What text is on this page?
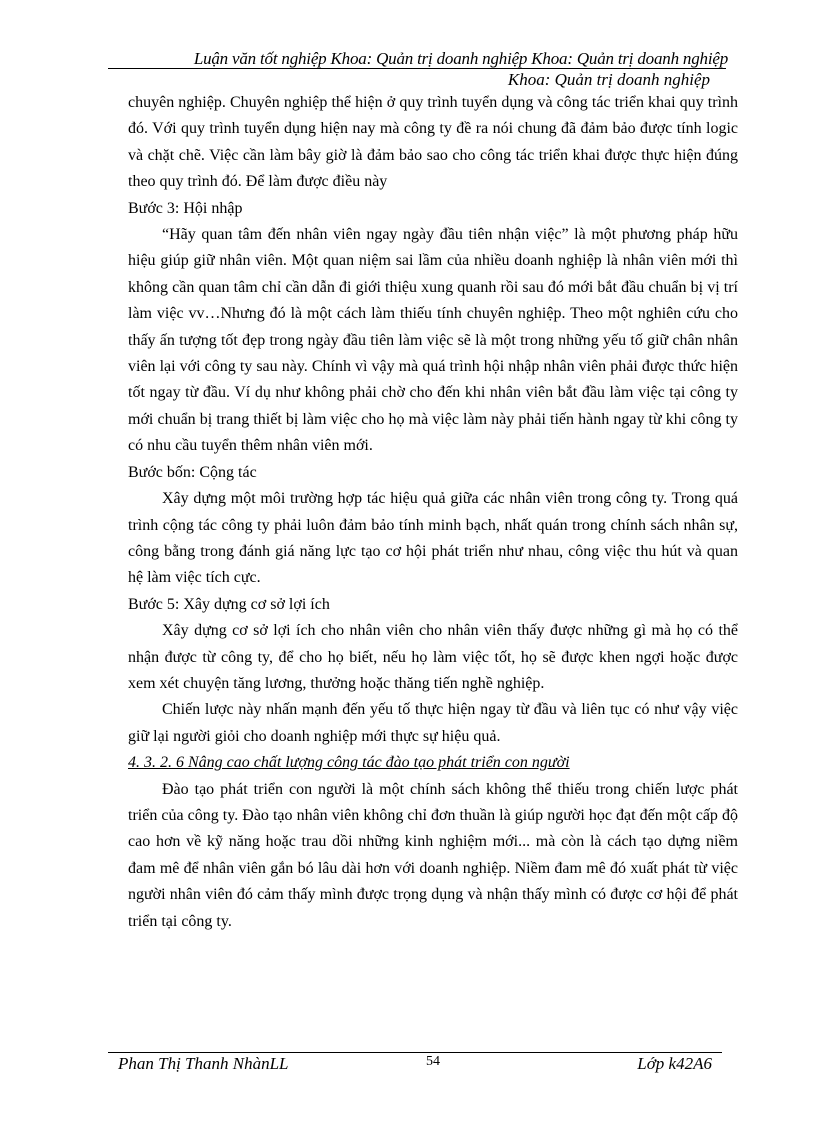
Luận văn tốt nghiệp Khoa: Quản trị doanh nghiệp Khoa: Quản trị doanh nghiệp
Khoa: Quản trị doanh nghiệp

chuyên nghiệp. Chuyên nghiệp thể hiện ở quy trình tuyển dụng và công tác triển khai quy trình đó. Với quy trình tuyển dụng hiện nay mà công ty đề ra nói chung đã đảm bảo được tính logic và chặt chẽ. Việc cần làm bây giờ là đảm bảo sao cho công tác triển khai được thực hiện đúng theo quy trình đó. Để làm được điều này

Bước 3: Hội nhập

“Hãy quan tâm đến nhân viên ngay ngày đầu tiên nhận việc” là một phương pháp hữu hiệu giúp giữ nhân viên. Một quan niệm sai lầm của nhiều doanh nghiệp là nhân viên mới thì không cần quan tâm chỉ cần dẫn đi giới thiệu xung quanh rồi sau đó mới bắt đầu chuẩn bị vị trí làm việc vv…Nhưng đó là một cách làm thiếu tính chuyên nghiệp. Theo một nghiên cứu cho thấy ấn tượng tốt đẹp trong ngày đầu tiên làm việc sẽ là một trong những yếu tố giữ chân nhân viên lại với công ty sau này. Chính vì vậy mà quá trình hội nhập nhân viên phải được thức hiện tốt ngay từ đầu. Ví dụ như không phải chờ cho đến khi nhân viên bắt đầu làm việc tại công ty mới chuẩn bị trang thiết bị làm việc cho họ mà việc làm này phải tiến hành ngay từ khi công ty có nhu cầu tuyển thêm nhân viên mới.

Bước bốn: Cộng tác

Xây dựng một môi trường hợp tác hiệu quả giữa các nhân viên trong công ty. Trong quá trình cộng tác công ty phải luôn đảm bảo tính minh bạch, nhất quán trong chính sách nhân sự, công bằng trong đánh giá năng lực tạo cơ hội phát triển như nhau, công việc thu hút và quan hệ làm việc tích cực.

Bước 5: Xây dựng cơ sở lợi ích

Xây dựng cơ sở lợi ích cho nhân viên cho nhân viên thấy được những gì mà họ có thể nhận được từ công ty, để cho họ biết, nếu họ làm việc tốt, họ sẽ được khen ngợi hoặc được xem xét chuyện tăng lương, thưởng hoặc thăng tiến nghề nghiệp.

Chiến lược này nhấn mạnh đến yếu tố thực hiện ngay từ đầu và liên tục có như vậy việc giữ lại người giỏi cho doanh nghiệp mới thực sự hiệu quả.

4. 3. 2. 6 Nâng cao chất lượng công tác đào tạo phát triển con người

Đào tạo phát triển con người là một chính sách không thể thiếu trong chiến lược phát triển của công ty. Đào tạo nhân viên không chỉ đơn thuần là giúp người học đạt đến một cấp độ cao hơn về kỹ năng hoặc trau dồi những kinh nghiệm mới... mà còn là cách tạo dựng niềm đam mê để nhân viên gắn bó lâu dài hơn với doanh nghiệp. Niềm đam mê đó xuất phát từ việc người nhân viên đó cảm thấy mình được trọng dụng và nhận thấy mình có được cơ hội để phát triển tại công ty.

Phan Thị Thanh NhànLL	54	Lớp k42A6
